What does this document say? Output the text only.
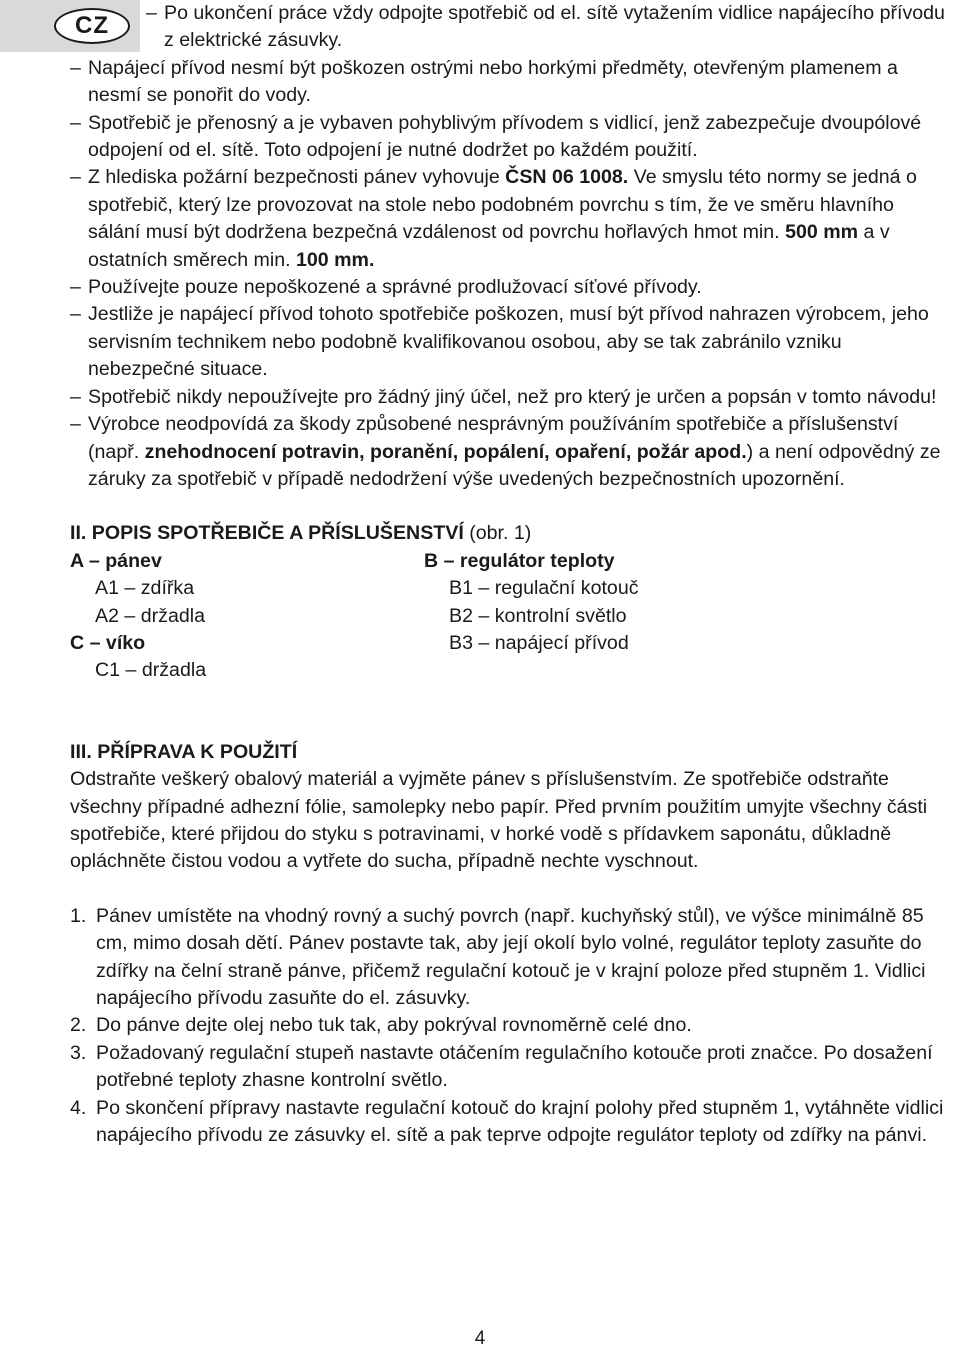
CZ	– Po ukončení práce vždy odpojte spotřebič od el. sítě vytažením vidlice napájecího přívodu z elektrické zásuvky.
– Napájecí přívod nesmí být poškozen ostrými nebo horkými předměty, otevřeným plamenem a nesmí se ponořit do vody.
– Spotřebič je přenosný a je vybaven pohyblivým přívodem s vidlicí, jenž zabezpečuje dvoupólové odpojení od el. sítě. Toto odpojení je nutné dodržet po každém použití.
– Z hlediska požární bezpečnosti pánev vyhovuje ČSN 06 1008. Ve smyslu této normy se jedná o spotřebič, který lze provozovat na stole nebo podobném povrchu s tím, že ve směru hlavního sálání musí být dodržena bezpečná vzdálenost od povrchu hořlavých hmot min. 500 mm a v ostatních směrech min. 100 mm.
– Používejte pouze nepoškozené a správné prodlužovací síťové přívody.
– Jestliže je napájecí přívod tohoto spotřebiče poškozen, musí být přívod nahrazen výrobcem, jeho servisním technikem nebo podobně kvalifikovanou osobou, aby se tak zabránilo vzniku nebezpečné situace.
– Spotřebič nikdy nepoužívejte pro žádný jiný účel, než pro který je určen a popsán v tomto návodu!
– Výrobce neodpovídá za škody způsobené nesprávným používáním spotřebiče a příslušenství (např. znehodnocení potravin, poranění, popálení, opaření, požár apod.) a není odpovědný ze záruky za spotřebič v případě nedodržení výše uvedených bezpečnostních upozornění.
II. POPIS SPOTŘEBIČE A PŘÍSLUŠENSTVÍ (obr. 1)
A – pánev
A1 – zdířka
A2 – držadla
C – víko
C1 – držadla
B – regulátor teploty
B1 – regulační kotouč
B2 – kontrolní světlo
B3 – napájecí přívod
III. PŘÍPRAVA K POUŽITÍ
Odstraňte veškerý obalový materiál a vyjměte pánev s příslušenstvím. Ze spotřebiče odstraňte všechny případné adhezní fólie, samolepky nebo papír. Před prvním použitím umyjte všechny části spotřebiče, které přijdou do styku s potravinami, v horké vodě s přídavkem saponátu, důkladně opláchněte čistou vodou a vytřete do sucha, případně nechte vyschnout.
1. Pánev umístěte na vhodný rovný a suchý povrch (např. kuchyňský stůl), ve výšce minimálně 85 cm, mimo dosah dětí. Pánev postavte tak, aby její okolí bylo volné, regulátor teploty zasuňte do zdířky na čelní straně pánve, přičemž regulační kotouč je v krajní poloze před stupněm 1. Vidlici napájecího přívodu zasuňte do el. zásuvky.
2. Do pánve dejte olej nebo tuk tak, aby pokrýval rovnoměrně celé dno.
3. Požadovaný regulační stupeň nastavte otáčením regulačního kotouče proti značce. Po dosažení potřebné teploty zhasne kontrolní světlo.
4. Po skončení přípravy nastavte regulační kotouč do krajní polohy před stupněm 1, vytáhněte vidlici napájecího přívodu ze zásuvky el. sítě a pak teprve odpojte regulátor teploty od zdířky na pánvi.
4
